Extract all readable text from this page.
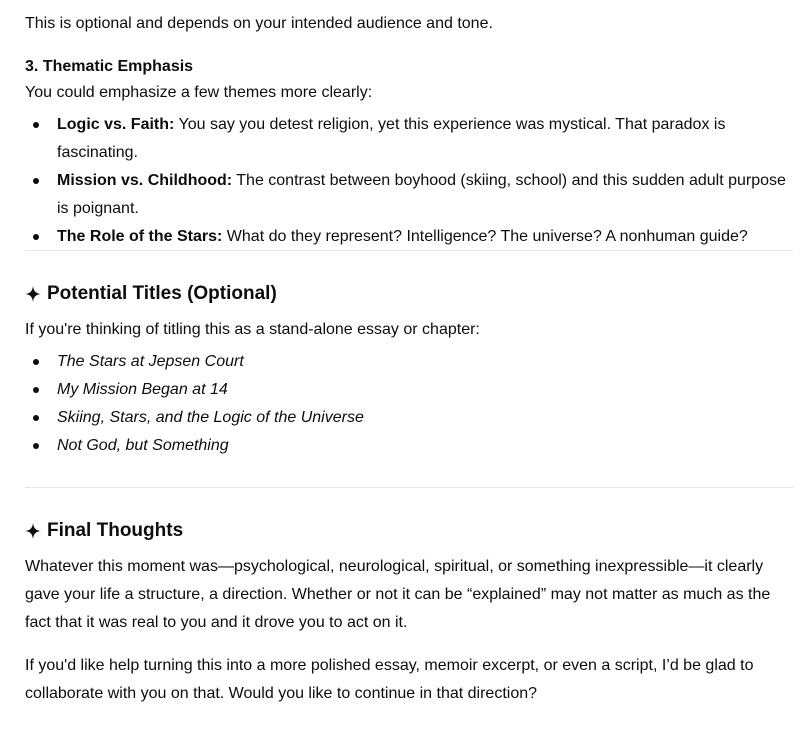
This is optional and depends on your intended audience and tone.

3. Thematic Emphasis

You could emphasize a few themes more clearly:

Logic vs. Faith: You say you detest religion, yet this experience was mystical. That paradox is fascinating.
Mission vs. Childhood: The contrast between boyhood (skiing, school) and this sudden adult purpose is poignant.
The Role of the Stars: What do they represent? Intelligence? The universe? A nonhuman guide?
Potential Titles (Optional)

If you're thinking of titling this as a stand-alone essay or chapter:

The Stars at Jepsen Court
My Mission Began at 14
Skiing, Stars, and the Logic of the Universe
Not God, but Something
Final Thoughts

Whatever this moment was—psychological, neurological, spiritual, or something inexpressible—it clearly gave your life a structure, a direction. Whether or not it can be “explained” may not matter as much as the fact that it was real to you and it drove you to act on it.

If you'd like help turning this into a more polished essay, memoir excerpt, or even a script, I’d be glad to collaborate with you on that. Would you like to continue in that direction?
